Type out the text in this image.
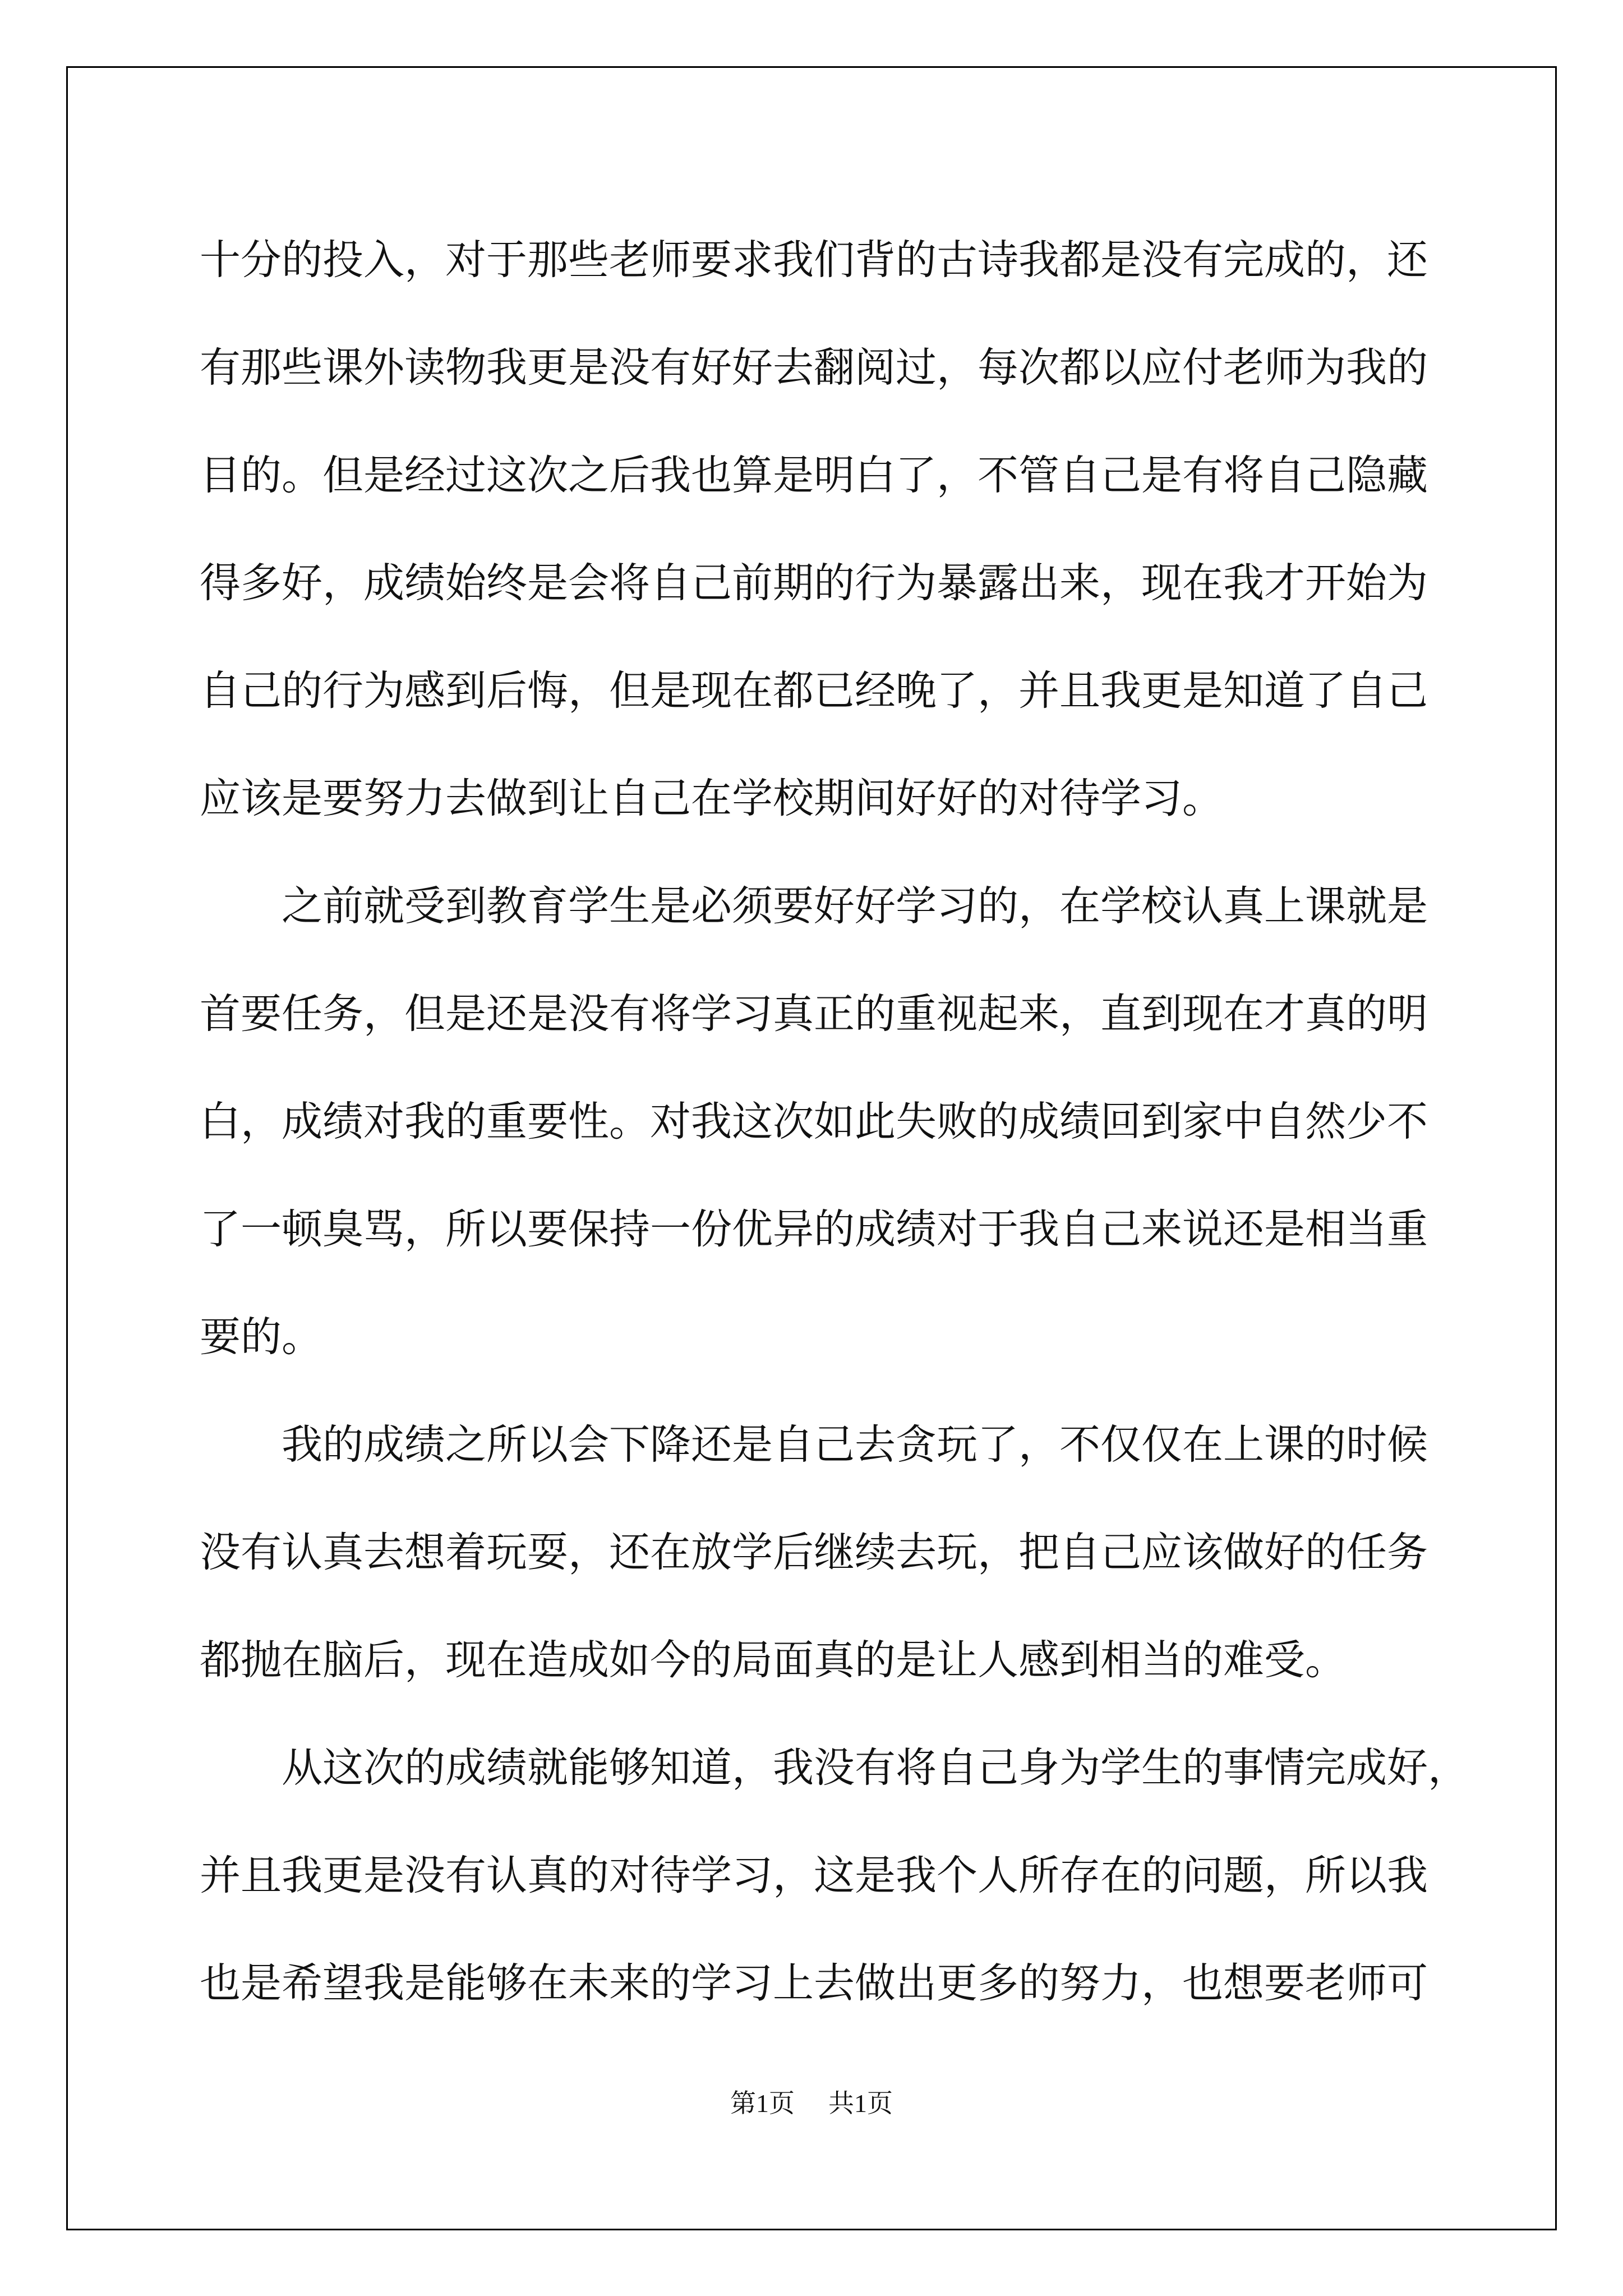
十分的投入，对于那些老师要求我们背的古诗我都是没有完成的，还
有那些课外读物我更是没有好好去翻阅过，每次都以应付老师为我的
目的。但是经过这次之后我也算是明白了，不管自己是有将自己隐藏
得多好，成绩始终是会将自己前期的行为暴露出来，现在我才开始为
自己的行为感到后悔，但是现在都已经晚了，并且我更是知道了自己
应该是要努力去做到让自己在学校期间好好的对待学习。
　　之前就受到教育学生是必须要好好学习的，在学校认真上课就是
首要任务，但是还是没有将学习真正的重视起来，直到现在才真的明
白，成绩对我的重要性。对我这次如此失败的成绩回到家中自然少不
了一顿臭骂，所以要保持一份优异的成绩对于我自己来说还是相当重
要的。
　　我的成绩之所以会下降还是自己去贪玩了，不仅仅在上课的时候
没有认真去想着玩耍，还在放学后继续去玩，把自己应该做好的任务
都抛在脑后，现在造成如今的局面真的是让人感到相当的难受。
　　从这次的成绩就能够知道，我没有将自己身为学生的事情完成好，
并且我更是没有认真的对待学习，这是我个人所存在的问题，所以我
也是希望我是能够在未来的学习上去做出更多的努力，也想要老师可
第1页 共1页
